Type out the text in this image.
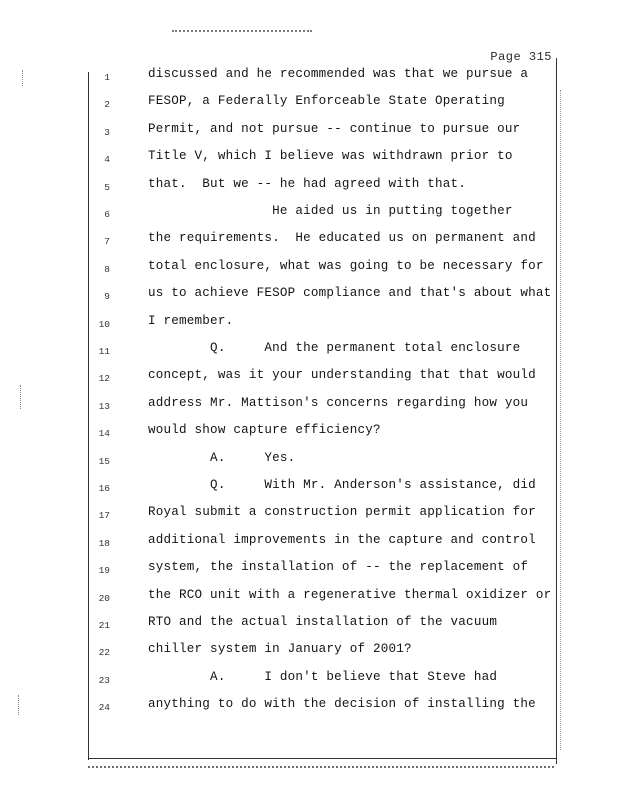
Page 315
1	discussed and he recommended was that we pursue a
2	FESOP, a Federally Enforceable State Operating
3	Permit, and not pursue -- continue to pursue our
4	Title V, which I believe was withdrawn prior to
5	that.  But we -- he had agreed with that.
6	He aided us in putting together
7	the requirements.  He educated us on permanent and
8	total enclosure, what was going to be necessary for
9	us to achieve FESOP compliance and that's about what
10	I remember.
11	Q.     And the permanent total enclosure
12	concept, was it your understanding that that would
13	address Mr. Mattison's concerns regarding how you
14	would show capture efficiency?
15	A.     Yes.
16	Q.     With Mr. Anderson's assistance, did
17	Royal submit a construction permit application for
18	additional improvements in the capture and control
19	system, the installation of -- the replacement of
20	the RCO unit with a regenerative thermal oxidizer or
21	RTO and the actual installation of the vacuum
22	chiller system in January of 2001?
23	A.     I don't believe that Steve had
24	anything to do with the decision of installing the
